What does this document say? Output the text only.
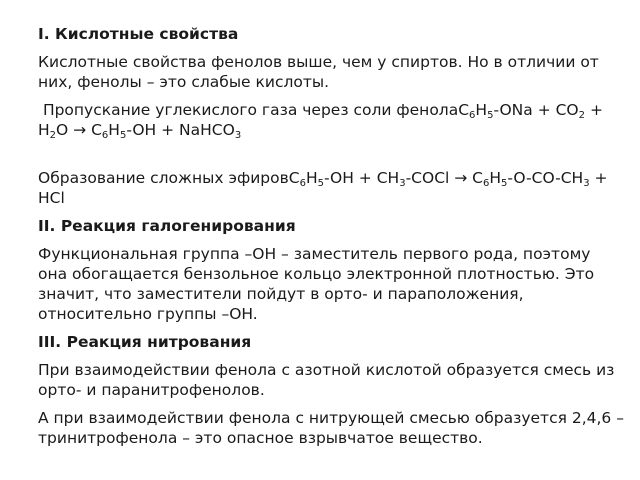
I. Кислотные свойства

Кислотные свойства фенолов выше, чем у спиртов. Но в отличии от них, фенолы – это слабые кислоты.

Пропускание углекислого газа через соли $фенолаC_6H_5$-ONa + $CO_2 + H_2O \to C_6H_5-OH$ + NaHCO$_3$

Образование сложных $эфировC_6H_5-OH$ + $CH_3$-COCl → $C_6H_5-O-CO-CH_3$ + HCl

II. Реакция галогенирования

Функциональная группа –OH – заместитель первого рода, поэтому она обогащается бензольное кольцо электронной плотностью. Это значит, что заместители пойдут в орто- и параположения, относительно группы –OH.

III. Реакция нитрования

При взаимодействии фенола с азотной кислотой образуется смесь из орто- и паранитрофенолов.

А при взаимодействии фенола с нитрующей смесью образуется 2,4,6 –тринитрофенола – это опасное взрывчатое вещество.
